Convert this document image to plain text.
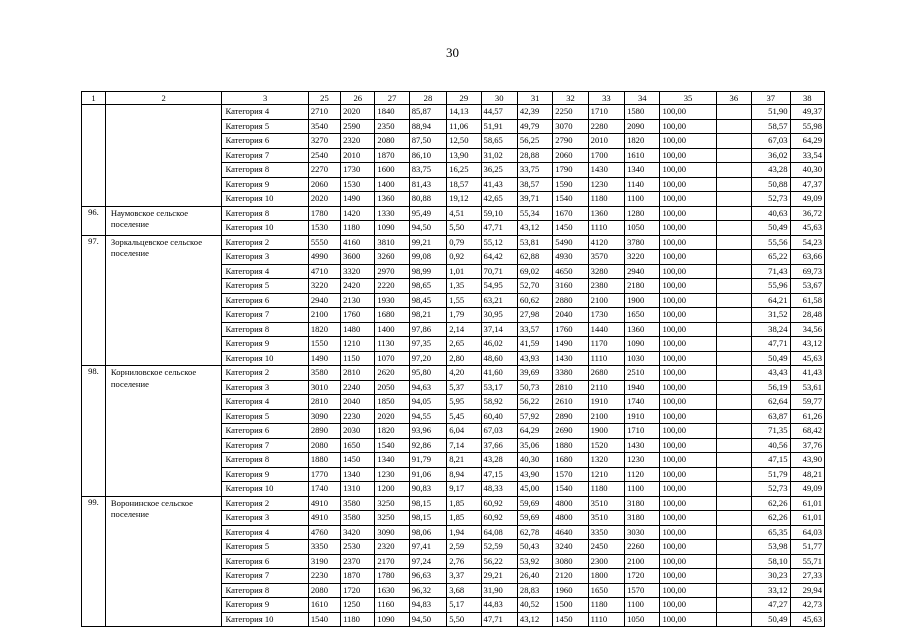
30
1	2	3	25	26	27	28	29	30	31	32	33	34	35	36	37	38
		Категория 4	2710	2020	1840	85,87	14,13	44,57	42,39	2250	1710	1580	100,00		51,90	49,37
		Категория 5	3540	2590	2350	88,94	11,06	51,91	49,79	3070	2280	2090	100,00		58,57	55,98
		Категория 6	3270	2320	2080	87,50	12,50	58,65	56,25	2790	2010	1820	100,00		67,03	64,29
		Категория 7	2540	2010	1870	86,10	13,90	31,02	28,88	2060	1700	1610	100,00		36,02	33,54
		Категория 8	2270	1730	1600	83,75	16,25	36,25	33,75	1790	1430	1340	100,00		43,28	40,30
		Категория 9	2060	1530	1400	81,43	18,57	41,43	38,57	1590	1230	1140	100,00		50,88	47,37
		Категория 10	2020	1490	1360	80,88	19,12	42,65	39,71	1540	1180	1100	100,00		52,73	49,09
96.	Наумовское сельское поселение	Категория 8	1780	1420	1330	95,49	4,51	59,10	55,34	1670	1360	1280	100,00		40,63	36,72
		Категория 10	1530	1180	1090	94,50	5,50	47,71	43,12	1450	1110	1050	100,00		50,49	45,63
97.	Зоркальцевское сельское поселение	Категория 2	5550	4160	3810	99,21	0,79	55,12	53,81	5490	4120	3780	100,00		55,56	54,23
		Категория 3	4990	3600	3260	99,08	0,92	64,42	62,88	4930	3570	3220	100,00		65,22	63,66
		Категория 4	4710	3320	2970	98,99	1,01	70,71	69,02	4650	3280	2940	100,00		71,43	69,73
		Категория 5	3220	2420	2220	98,65	1,35	54,95	52,70	3160	2380	2180	100,00		55,96	53,67
		Категория 6	2940	2130	1930	98,45	1,55	63,21	60,62	2880	2100	1900	100,00		64,21	61,58
		Категория 7	2100	1760	1680	98,21	1,79	30,95	27,98	2040	1730	1650	100,00		31,52	28,48
		Категория 8	1820	1480	1400	97,86	2,14	37,14	33,57	1760	1440	1360	100,00		38,24	34,56
		Категория 9	1550	1210	1130	97,35	2,65	46,02	41,59	1490	1170	1090	100,00		47,71	43,12
		Категория 10	1490	1150	1070	97,20	2,80	48,60	43,93	1430	1110	1030	100,00		50,49	45,63
98.	Корниловское сельское поселение	Категория 2	3580	2810	2620	95,80	4,20	41,60	39,69	3380	2680	2510	100,00		43,43	41,43
		Категория 3	3010	2240	2050	94,63	5,37	53,17	50,73	2810	2110	1940	100,00		56,19	53,61
		Категория 4	2810	2040	1850	94,05	5,95	58,92	56,22	2610	1910	1740	100,00		62,64	59,77
		Категория 5	3090	2230	2020	94,55	5,45	60,40	57,92	2890	2100	1910	100,00		63,87	61,26
		Категория 6	2890	2030	1820	93,96	6,04	67,03	64,29	2690	1900	1710	100,00		71,35	68,42
		Категория 7	2080	1650	1540	92,86	7,14	37,66	35,06	1880	1520	1430	100,00		40,56	37,76
		Категория 8	1880	1450	1340	91,79	8,21	43,28	40,30	1680	1320	1230	100,00		47,15	43,90
		Категория 9	1770	1340	1230	91,06	8,94	47,15	43,90	1570	1210	1120	100,00		51,79	48,21
		Категория 10	1740	1310	1200	90,83	9,17	48,33	45,00	1540	1180	1100	100,00		52,73	49,09
99.	Воронинское сельское поселение	Категория 2	4910	3580	3250	98,15	1,85	60,92	59,69	4800	3510	3180	100,00		62,26	61,01
		Категория 3	4910	3580	3250	98,15	1,85	60,92	59,69	4800	3510	3180	100,00		62,26	61,01
		Категория 4	4760	3420	3090	98,06	1,94	64,08	62,78	4640	3350	3030	100,00		65,35	64,03
		Категория 5	3350	2530	2320	97,41	2,59	52,59	50,43	3240	2450	2260	100,00		53,98	51,77
		Категория 6	3190	2370	2170	97,24	2,76	56,22	53,92	3080	2300	2100	100,00		58,10	55,71
		Категория 7	2230	1870	1780	96,63	3,37	29,21	26,40	2120	1800	1720	100,00		30,23	27,33
		Категория 8	2080	1720	1630	96,32	3,68	31,90	28,83	1960	1650	1570	100,00		33,12	29,94
		Категория 9	1610	1250	1160	94,83	5,17	44,83	40,52	1500	1180	1100	100,00		47,27	42,73
		Категория 10	1540	1180	1090	94,50	5,50	47,71	43,12	1450	1110	1050	100,00		50,49	45,63
